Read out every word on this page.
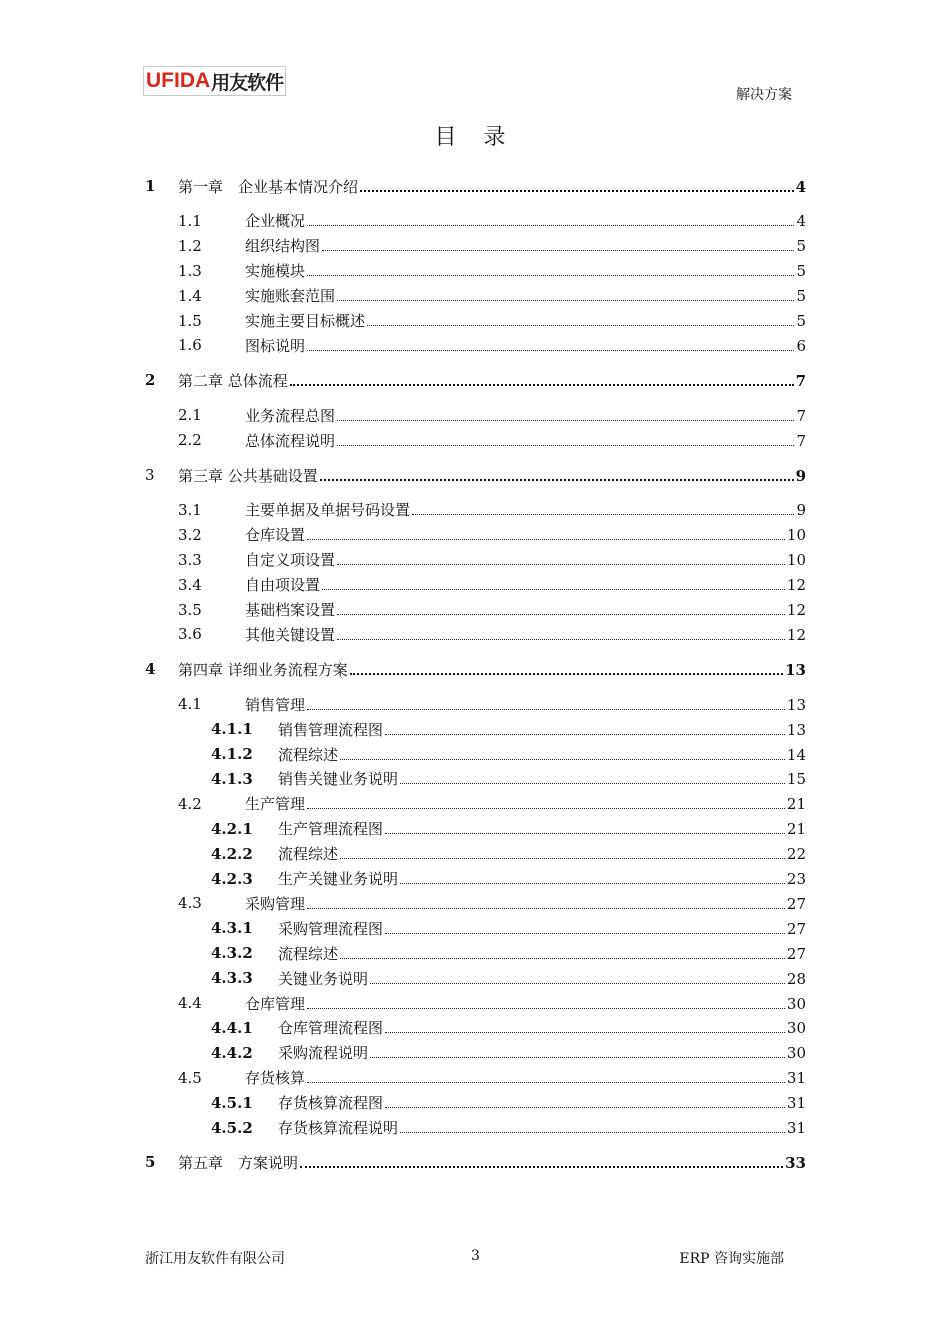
UFIDA 用友软件
解决方案
目 录
1 第一章　企业基本情况介绍	4
1.1	企业概况	4
1.2	组织结构图	5
1.3	实施模块	5
1.4	实施账套范围	5
1.5	实施主要目标概述	5
1.6	图标说明	6
2 第二章 总体流程	7
2.1	业务流程总图	7
2.2	总体流程说明	7
3 第三章 公共基础设置	9
3.1	主要单据及单据号码设置	9
3.2	仓库设置	10
3.3	自定义项设置	10
3.4	自由项设置	12
3.5	基础档案设置	12
3.6	其他关键设置	12
4 第四章 详细业务流程方案	13
4.1	销售管理	13
4.1.1 销售管理流程图	13
4.1.2 流程综述	14
4.1.3 销售关键业务说明	15
4.2	生产管理	21
4.2.1 生产管理流程图	21
4.2.2 流程综述	22
4.2.3 生产关键业务说明	23
4.3	采购管理	27
4.3.1 采购管理流程图	27
4.3.2 流程综述	27
4.3.3 关键业务说明	28
4.4	仓库管理	30
4.4.1 仓库管理流程图	30
4.4.2 采购流程说明	30
4.5	存货核算	31
4.5.1 存货核算流程图	31
4.5.2 存货核算流程说明	31
5 第五章　方案说明	33
浙江用友软件有限公司	3	ERP 咨询实施部
